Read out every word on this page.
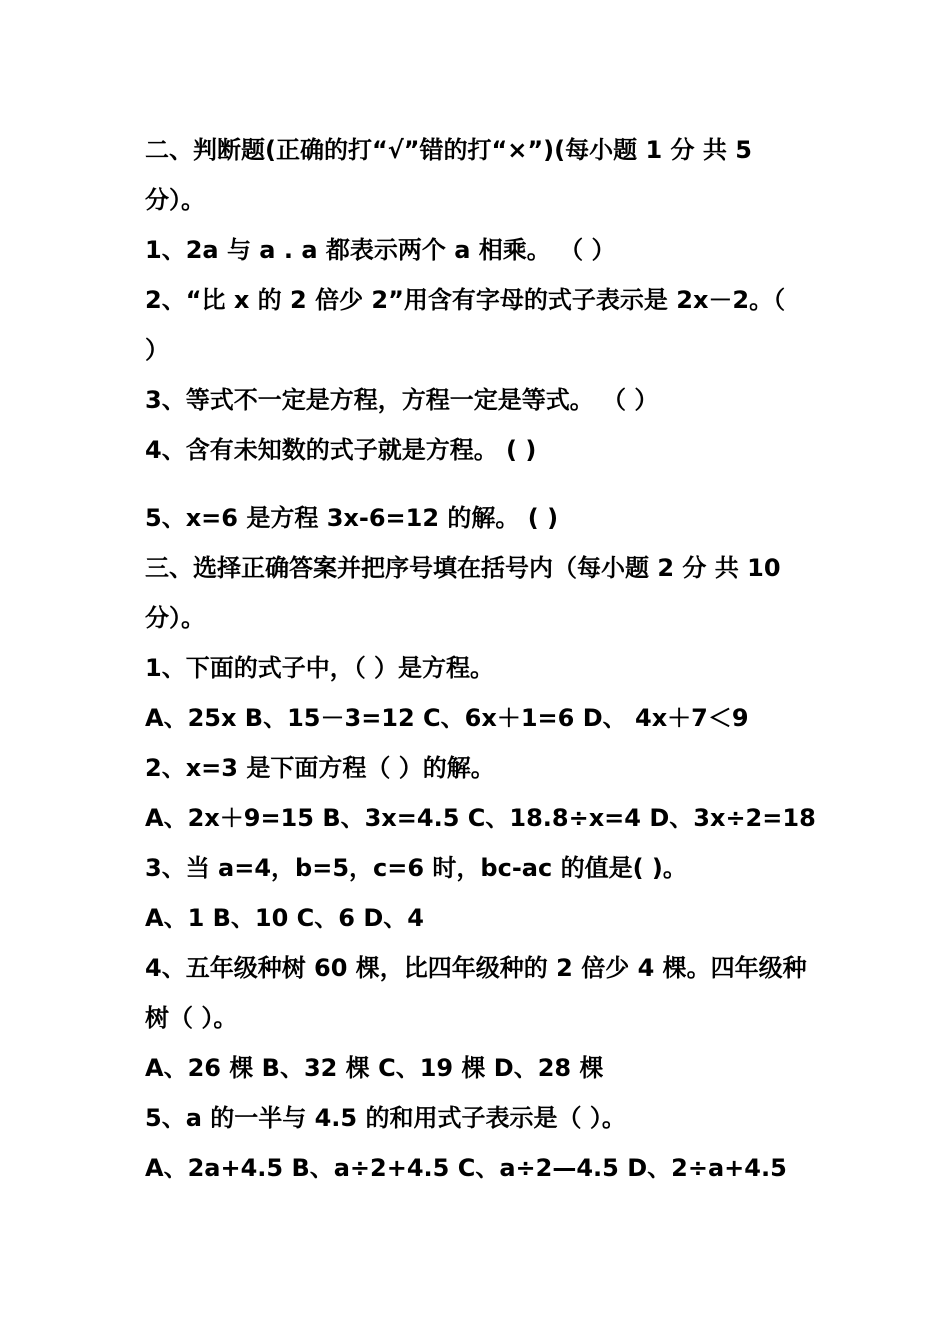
二、判断题(正确的打“√”错的打“×”)(每小题 1 分 共 5
分）。
1、2a 与 a . a 都表示两个 a 相乘。 （ ）
2、“比 x 的 2 倍少 2”用含有字母的式子表示是 2x－2。（
）
3、等式不一定是方程，方程一定是等式。 （ ）
4、含有未知数的式子就是方程。 ( )
5、x=6 是方程 3x-6=12 的解。 ( )
三、选择正确答案并把序号填在括号内（每小题 2 分 共 10
分）。
1、下面的式子中，（ ）是方程。
A、25x B、15－3=12 C、6x＋1=6 D、 4x＋7＜9
2、x=3 是下面方程（ ）的解。
A、2x＋9=15 B、3x=4.5 C、18.8÷x=4 D、3x÷2=18
3、当 a=4，b=5，c=6 时，bc-ac 的值是( )。
A、1 B、10 C、6 D、4
4、五年级种树 60 棵，比四年级种的 2 倍少 4 棵。四年级种
树（ ）。
A、26 棵 B、32 棵 C、19 棵 D、28 棵
5、a 的一半与 4.5 的和用式子表示是（ ）。
A、2a+4.5 B、a÷2+4.5 C、a÷2—4.5 D、2÷a+4.5
